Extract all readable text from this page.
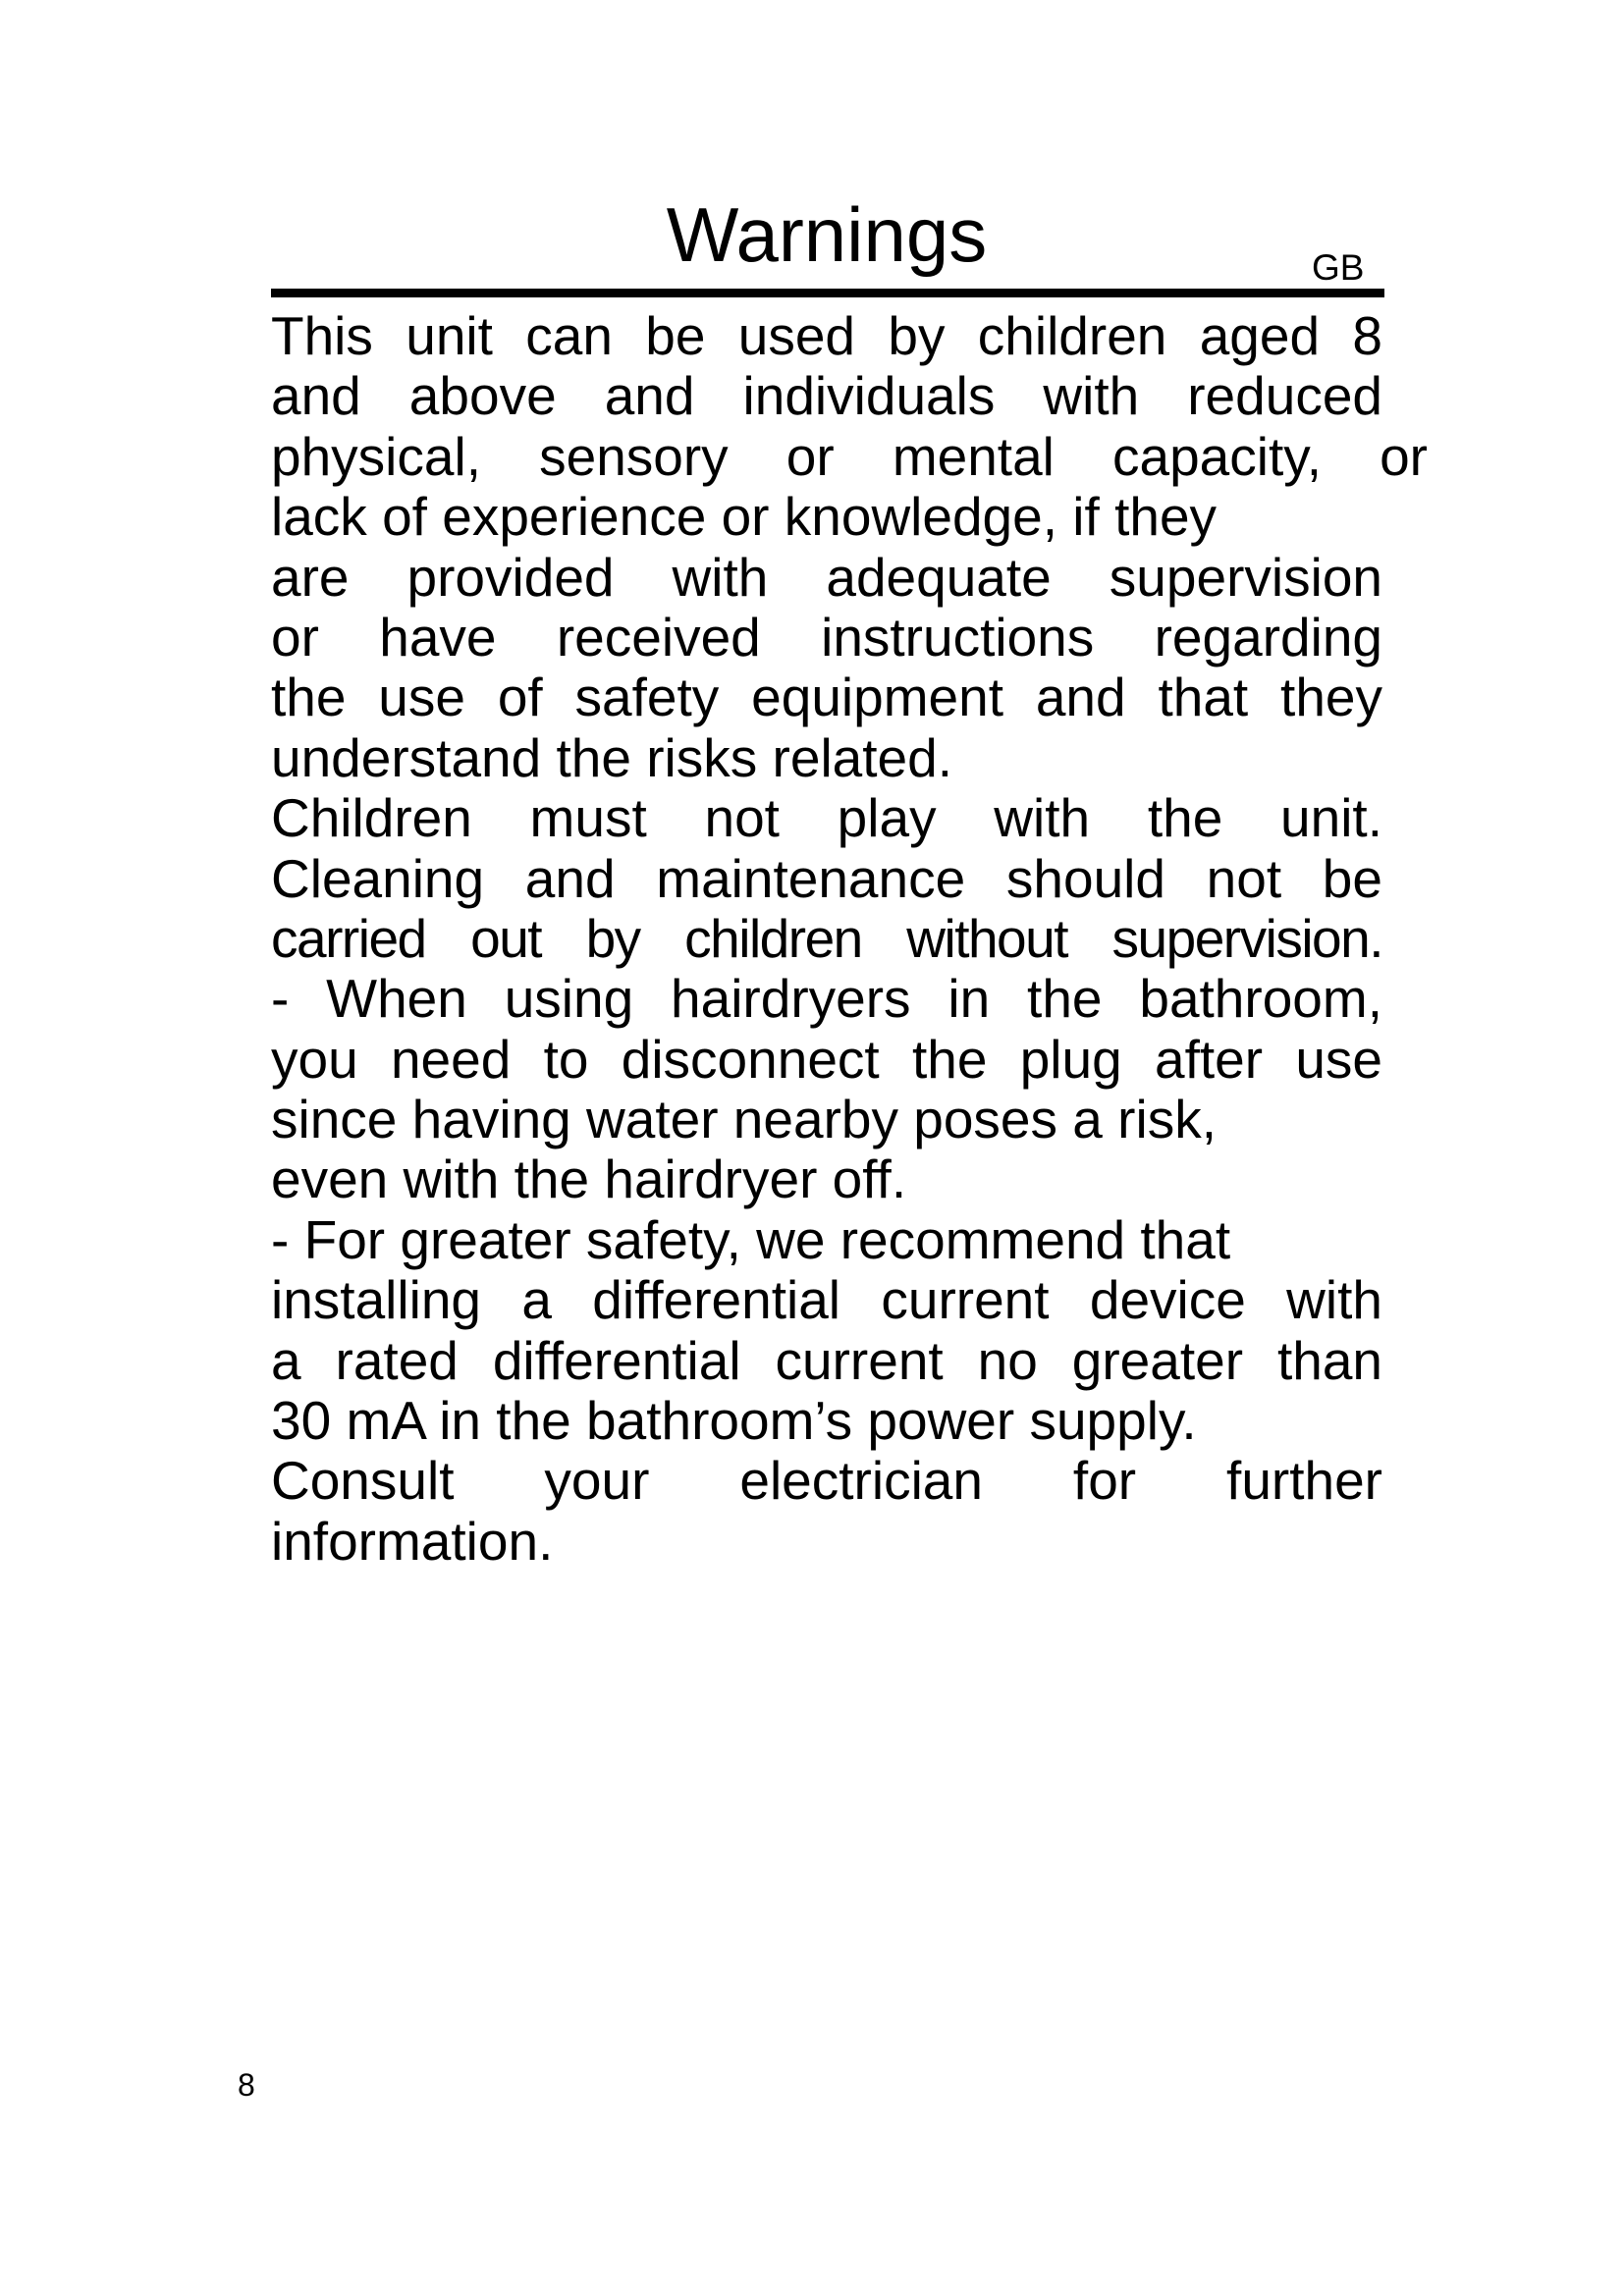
Warnings	GB
This unit can be used by children aged 8
and above and individuals with reduced
physical, sensory or mental capacity, or
lack of experience or knowledge, if they
are provided with adequate supervision
or have received instructions regarding
the use of safety equipment and that they
understand the risks related.
Children must not play with the unit.
Cleaning and maintenance should not be
carried out by children without supervision.
- When using hairdryers in the bathroom,
you need to disconnect the plug after use
since having water nearby poses a risk,
even with the hairdryer off.
- For greater safety, we recommend that
installing a differential current device with
a rated differential current no greater than
30 mA in the bathroom’s power supply.
Consult your electrician for further
information.
8
